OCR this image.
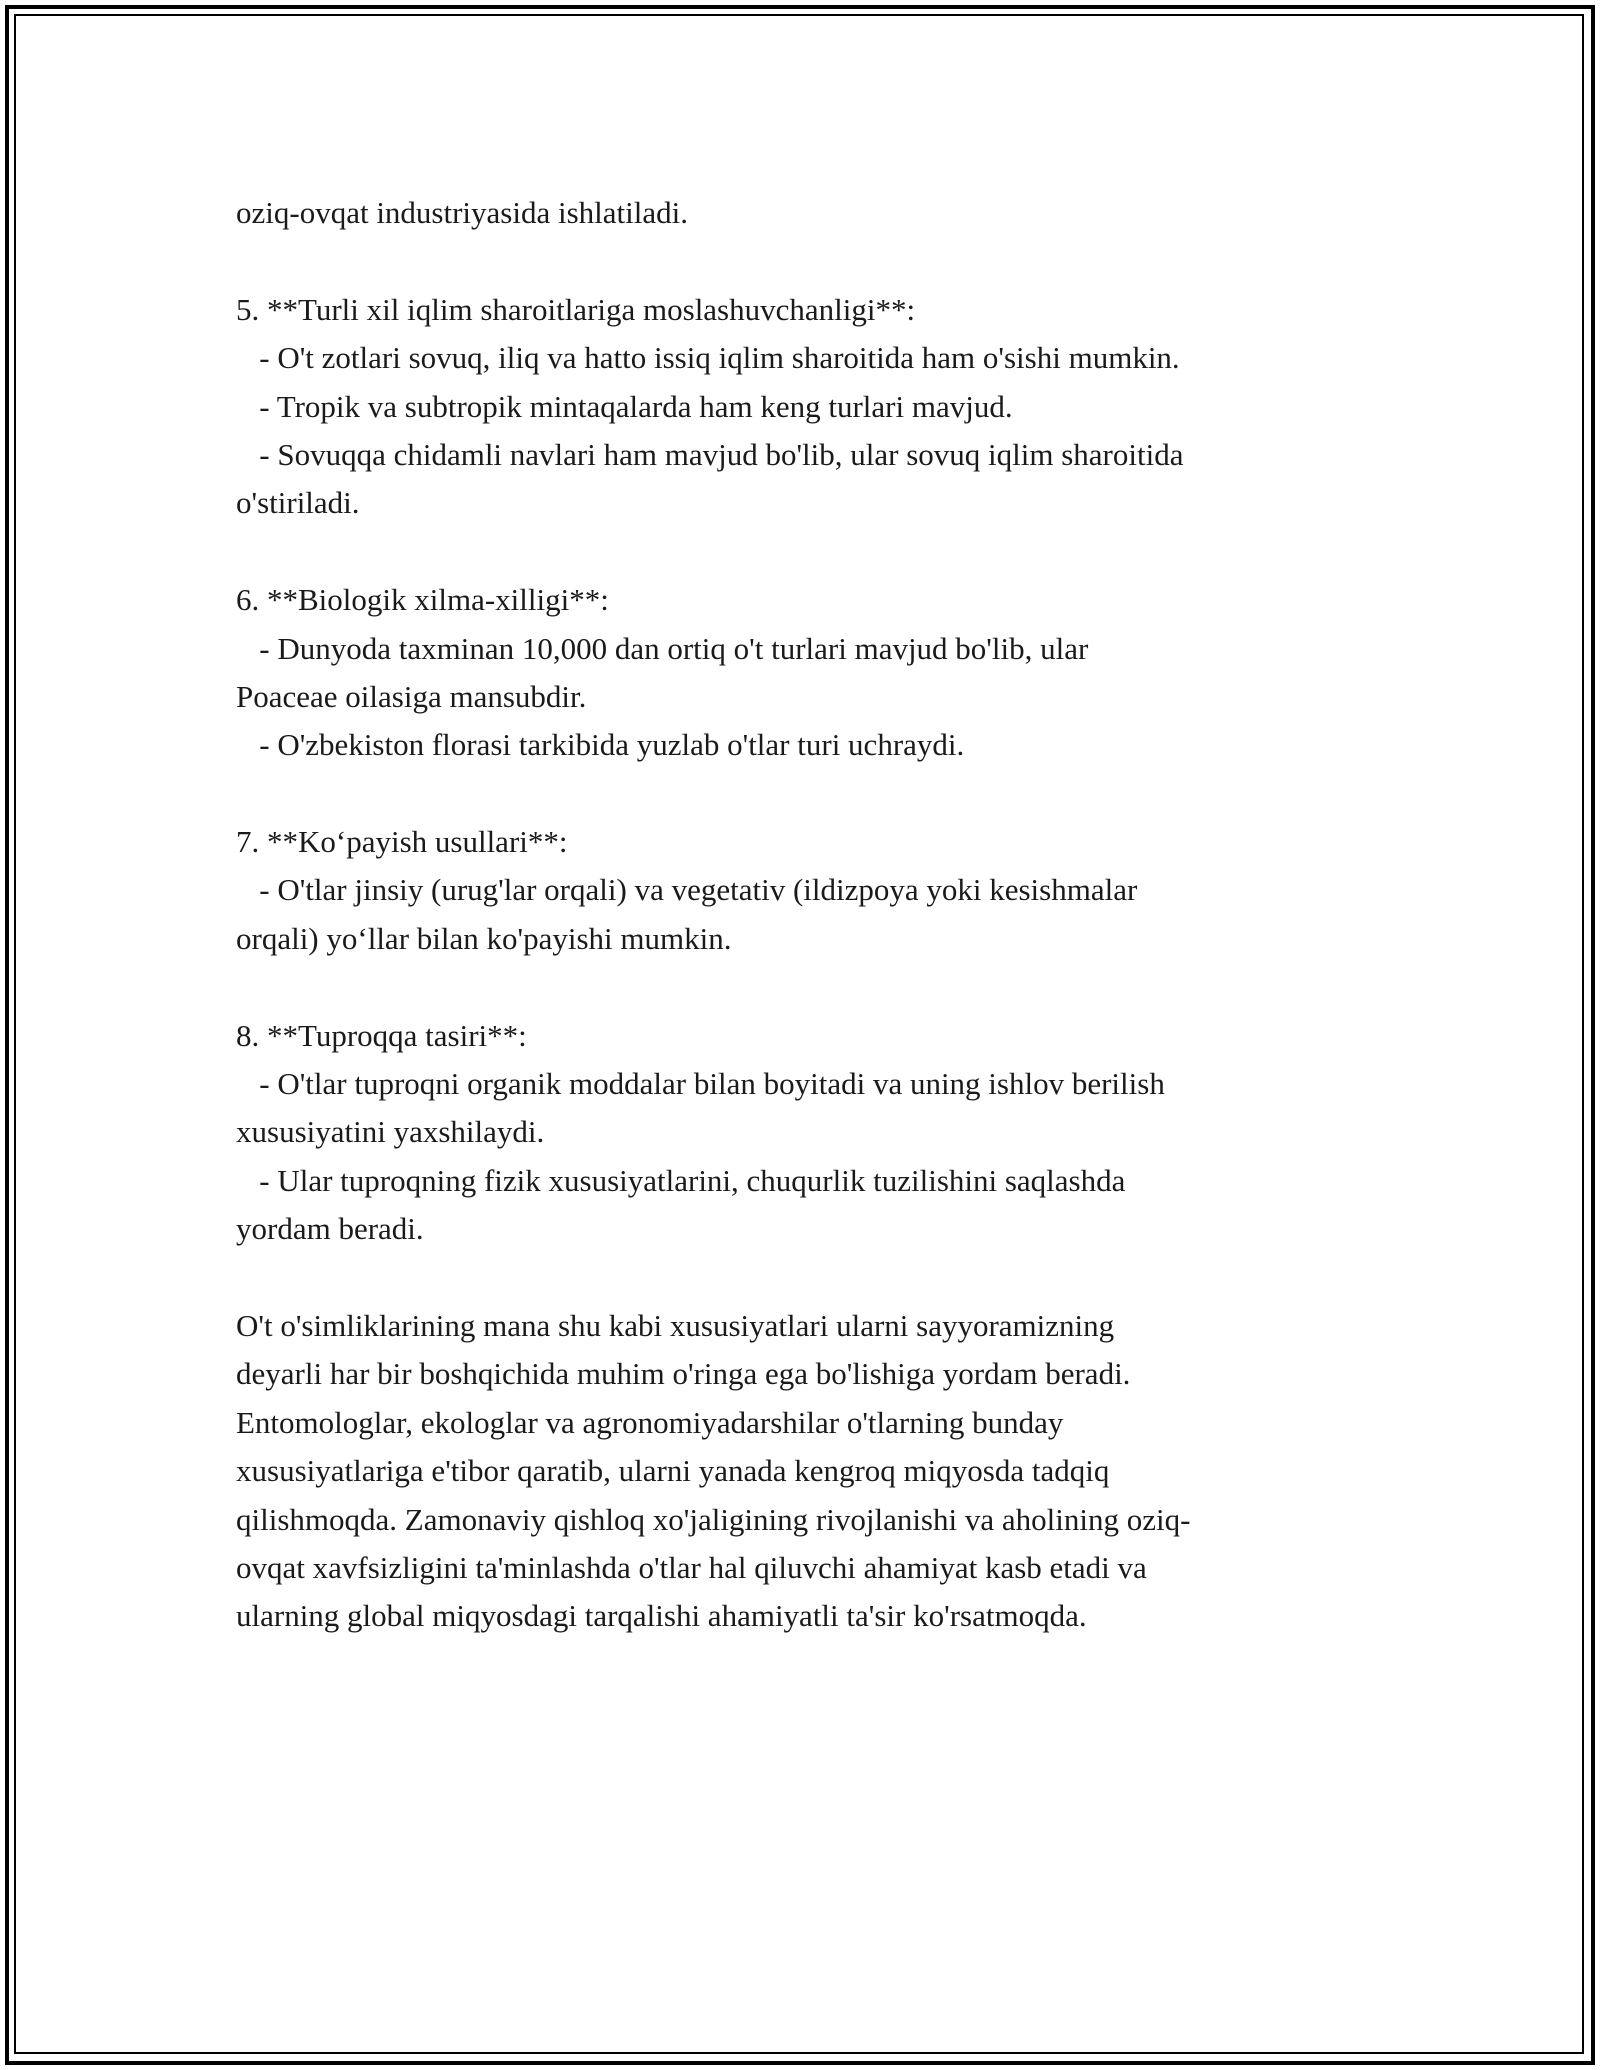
oziq-ovqat industriyasida ishlatiladi.
5. **Turli xil iqlim sharoitlariga moslashuvchanligi**:
- O't zotlari sovuq, iliq va hatto issiq iqlim sharoitida ham o'sishi mumkin.
- Tropik va subtropik mintaqalarda ham keng turlari mavjud.
- Sovuqqa chidamli navlari ham mavjud bo'lib, ular sovuq iqlim sharoitida
o'stiriladi.
6. **Biologik xilma-xilligi**:
- Dunyoda taxminan 10,000 dan ortiq o't turlari mavjud bo'lib, ular
Poaceae oilasiga mansubdir.
- O'zbekiston florasi tarkibida yuzlab o'tlar turi uchraydi.
7. **Ko‘payish usullari**:
- O'tlar jinsiy (urug'lar orqali) va vegetativ (ildizpoya yoki kesishmalar
orqali) yo‘llar bilan ko'payishi mumkin.
8. **Tuproqqa tasiri**:
- O'tlar tuproqni organik moddalar bilan boyitadi va uning ishlov berilish
xususiyatini yaxshilaydi.
- Ular tuproqning fizik xususiyatlarini, chuqurlik tuzilishini saqlashda
yordam beradi.
O't o'simliklarining mana shu kabi xususiyatlari ularni sayyoramizning
deyarli har bir boshqichida muhim o'ringa ega bo'lishiga yordam beradi.
Entomologlar, ekologlar va agronomiyadarshilar o'tlarning bunday
xususiyatlariga e'tibor qaratib, ularni yanada kengroq miqyosda tadqiq
qilishmoqda. Zamonaviy qishloq xo'jaligining rivojlanishi va aholining oziq-
ovqat xavfsizligini ta'minlashda o'tlar hal qiluvchi ahamiyat kasb etadi va
ularning global miqyosdagi tarqalishi ahamiyatli ta'sir ko'rsatmoqda.
